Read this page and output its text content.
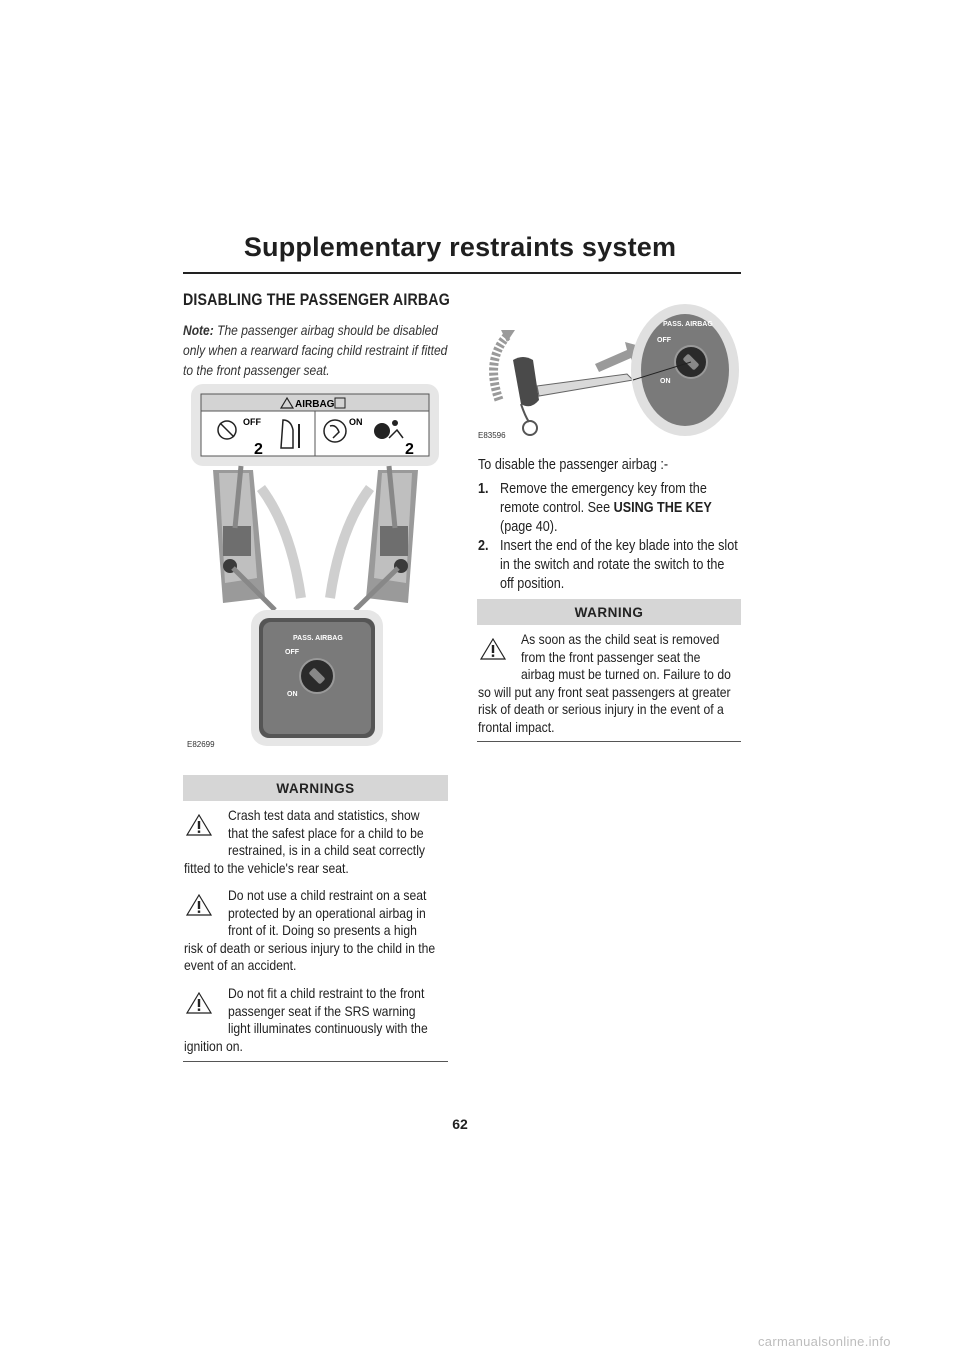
Supplementary restraints system
DISABLING THE PASSENGER AIRBAG
Note: The passenger airbag should be disabled only when a rearward facing child restraint if fitted to the front passenger seat.
AIRBAG
OFF
2
ON
2
PASS. AIRBAG
OFF
ON
E82699
WARNINGS
Crash test data and statistics, show
that the safest place for a child to be
restrained, is in a child seat correctly
fitted to the vehicle's rear seat.
Do not use a child restraint on a seat
protected by an operational airbag in
front of it. Doing so presents a high
risk of death or serious injury to the child in the
event of an accident.
Do not fit a child restraint to the front
passenger seat if the SRS warning
light illuminates continuously with the
ignition on.
PASS. AIRBAG
OFF
ON
E83596
To disable the passenger airbag :-
1. Remove the emergency key from the
remote control. See USING THE KEY
(page 40).
2. Insert the end of the key blade into the slot
in the switch and rotate the switch to the
off position.
WARNING
As soon as the child seat is removed
from the front passenger seat the
airbag must be turned on. Failure to do
so will put any front seat passengers at greater
risk of death or serious injury in the event of a
frontal impact.
62
carmanualsonline.info
